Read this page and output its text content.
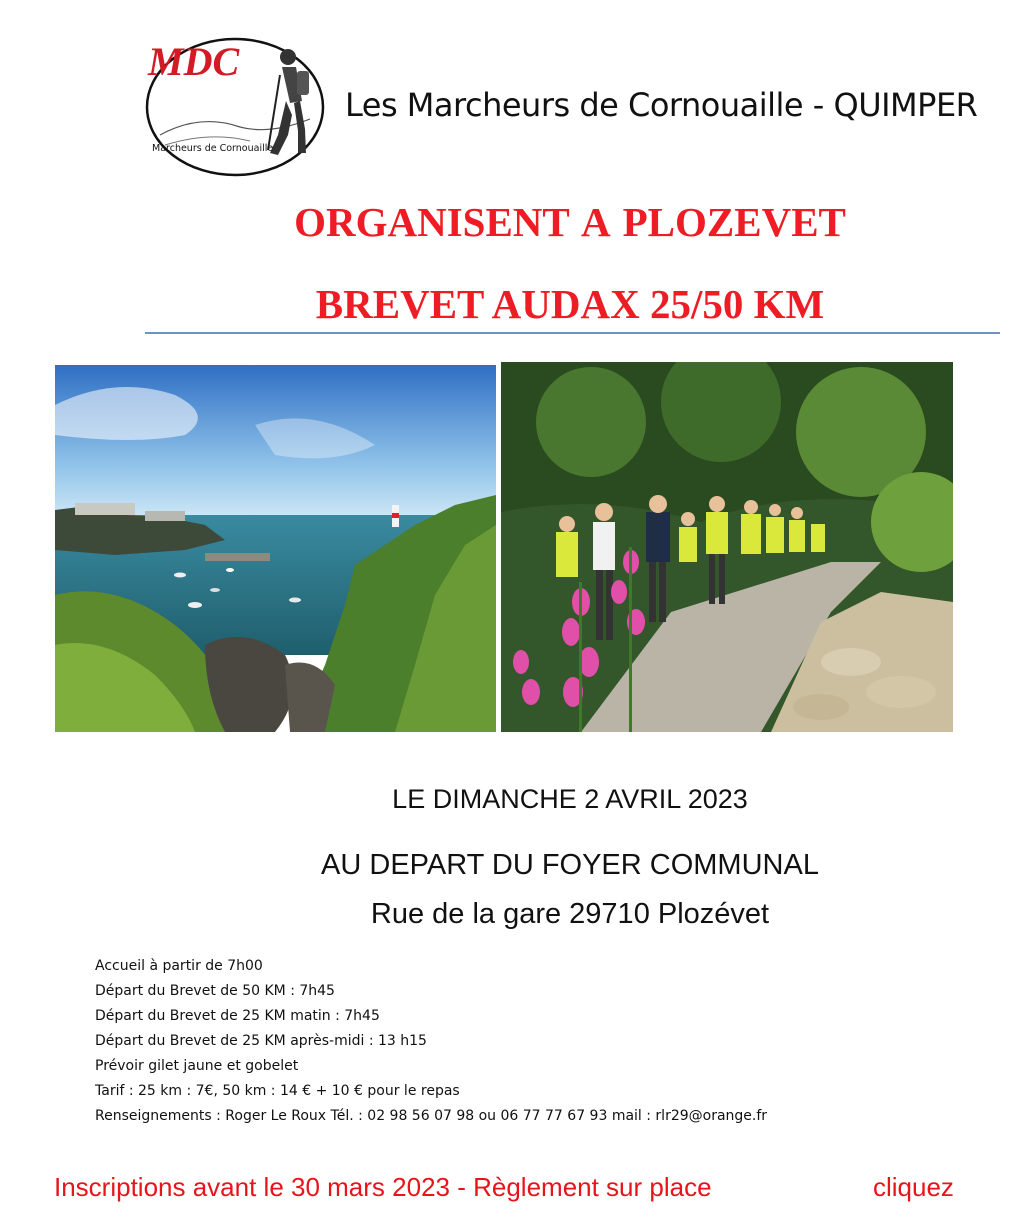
MDC
Marcheurs de Cornouaille
Les Marcheurs de Cornouaille - QUIMPER
ORGANISENT A PLOZEVET
BREVET AUDAX 25/50 KM
LE DIMANCHE 2 AVRIL 2023
AU DEPART DU FOYER COMMUNAL
Rue de la gare 29710 Plozévet
Accueil à partir de 7h00
Départ du Brevet de 50 KM : 7h45
Départ du Brevet de 25 KM matin : 7h45
Départ du Brevet de 25 KM après-midi : 13 h15
Prévoir gilet jaune et gobelet
Tarif : 25 km : 7€, 50 km : 14 € + 10 € pour le repas
Renseignements : Roger Le Roux Tél. : 02 98 56 07 98 ou 06 77 77 67 93 mail : rlr29@orange.fr
Inscriptions avant le 30 mars 2023 - Règlement sur place	cliquez
